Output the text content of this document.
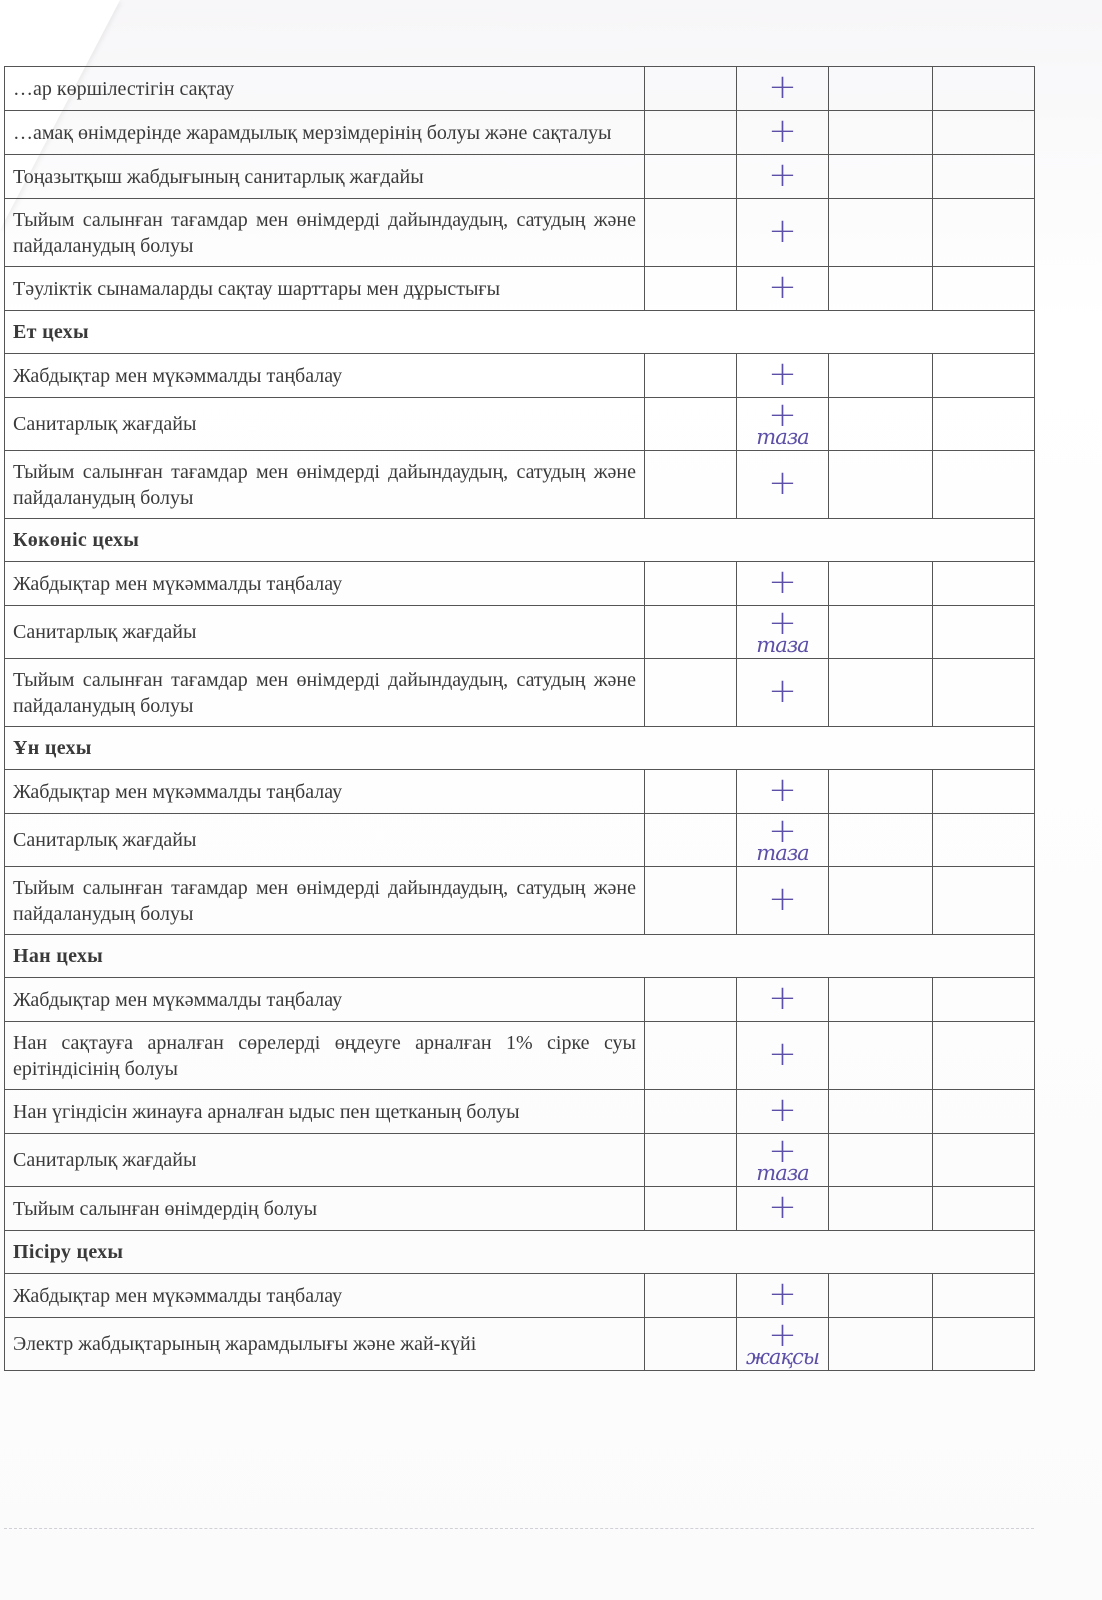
…ар көршілестігін сақтау		+		

…амақ өнімдерінде жарамдылық мерзімдерінің болуы және сақталуы		+		

Тоңазытқыш жабдығының санитарлық жағдайы		+		

Тыйым салынған тағамдар мен өнімдерді дайындаудың, сатудың және пайдаланудың болуы		+		

Тәуліктік сынамаларды сақтау шарттары мен дұрыстығы		+		

Ет цехы				
Жабдықтар мен мүкәммалды таңбалау		+		

Санитарлық жағдайы		+
таза		

Тыйым салынған тағамдар мен өнімдерді дайындаудың, сатудың және пайдаланудың болуы		+		

Көкөніс цехы				
Жабдықтар мен мүкәммалды таңбалау		+		

Санитарлық жағдайы		+
таза		

Тыйым салынған тағамдар мен өнімдерді дайындаудың, сатудың және пайдаланудың болуы		+		

Ұн цехы				
Жабдықтар мен мүкәммалды таңбалау		+		

Санитарлық жағдайы		+
таза		

Тыйым салынған тағамдар мен өнімдерді дайындаудың, сатудың және пайдаланудың болуы		+		

Нан цехы				
Жабдықтар мен мүкәммалды таңбалау		+		

Нан сақтауға арналған сөрелерді өңдеуге арналған 1% сірке суы ерітіндісінің болуы		+		

Нан үгіндісін жинауға арналған ыдыс пен щетканың болуы		+		

Санитарлық жағдайы		+
таза		

Тыйым салынған өнімдердің болуы		+		

Пісіру цехы				
Жабдықтар мен мүкәммалды таңбалау		+		

Электр жабдықтарының жарамдылығы және жай-күйі		+
жақсы		
